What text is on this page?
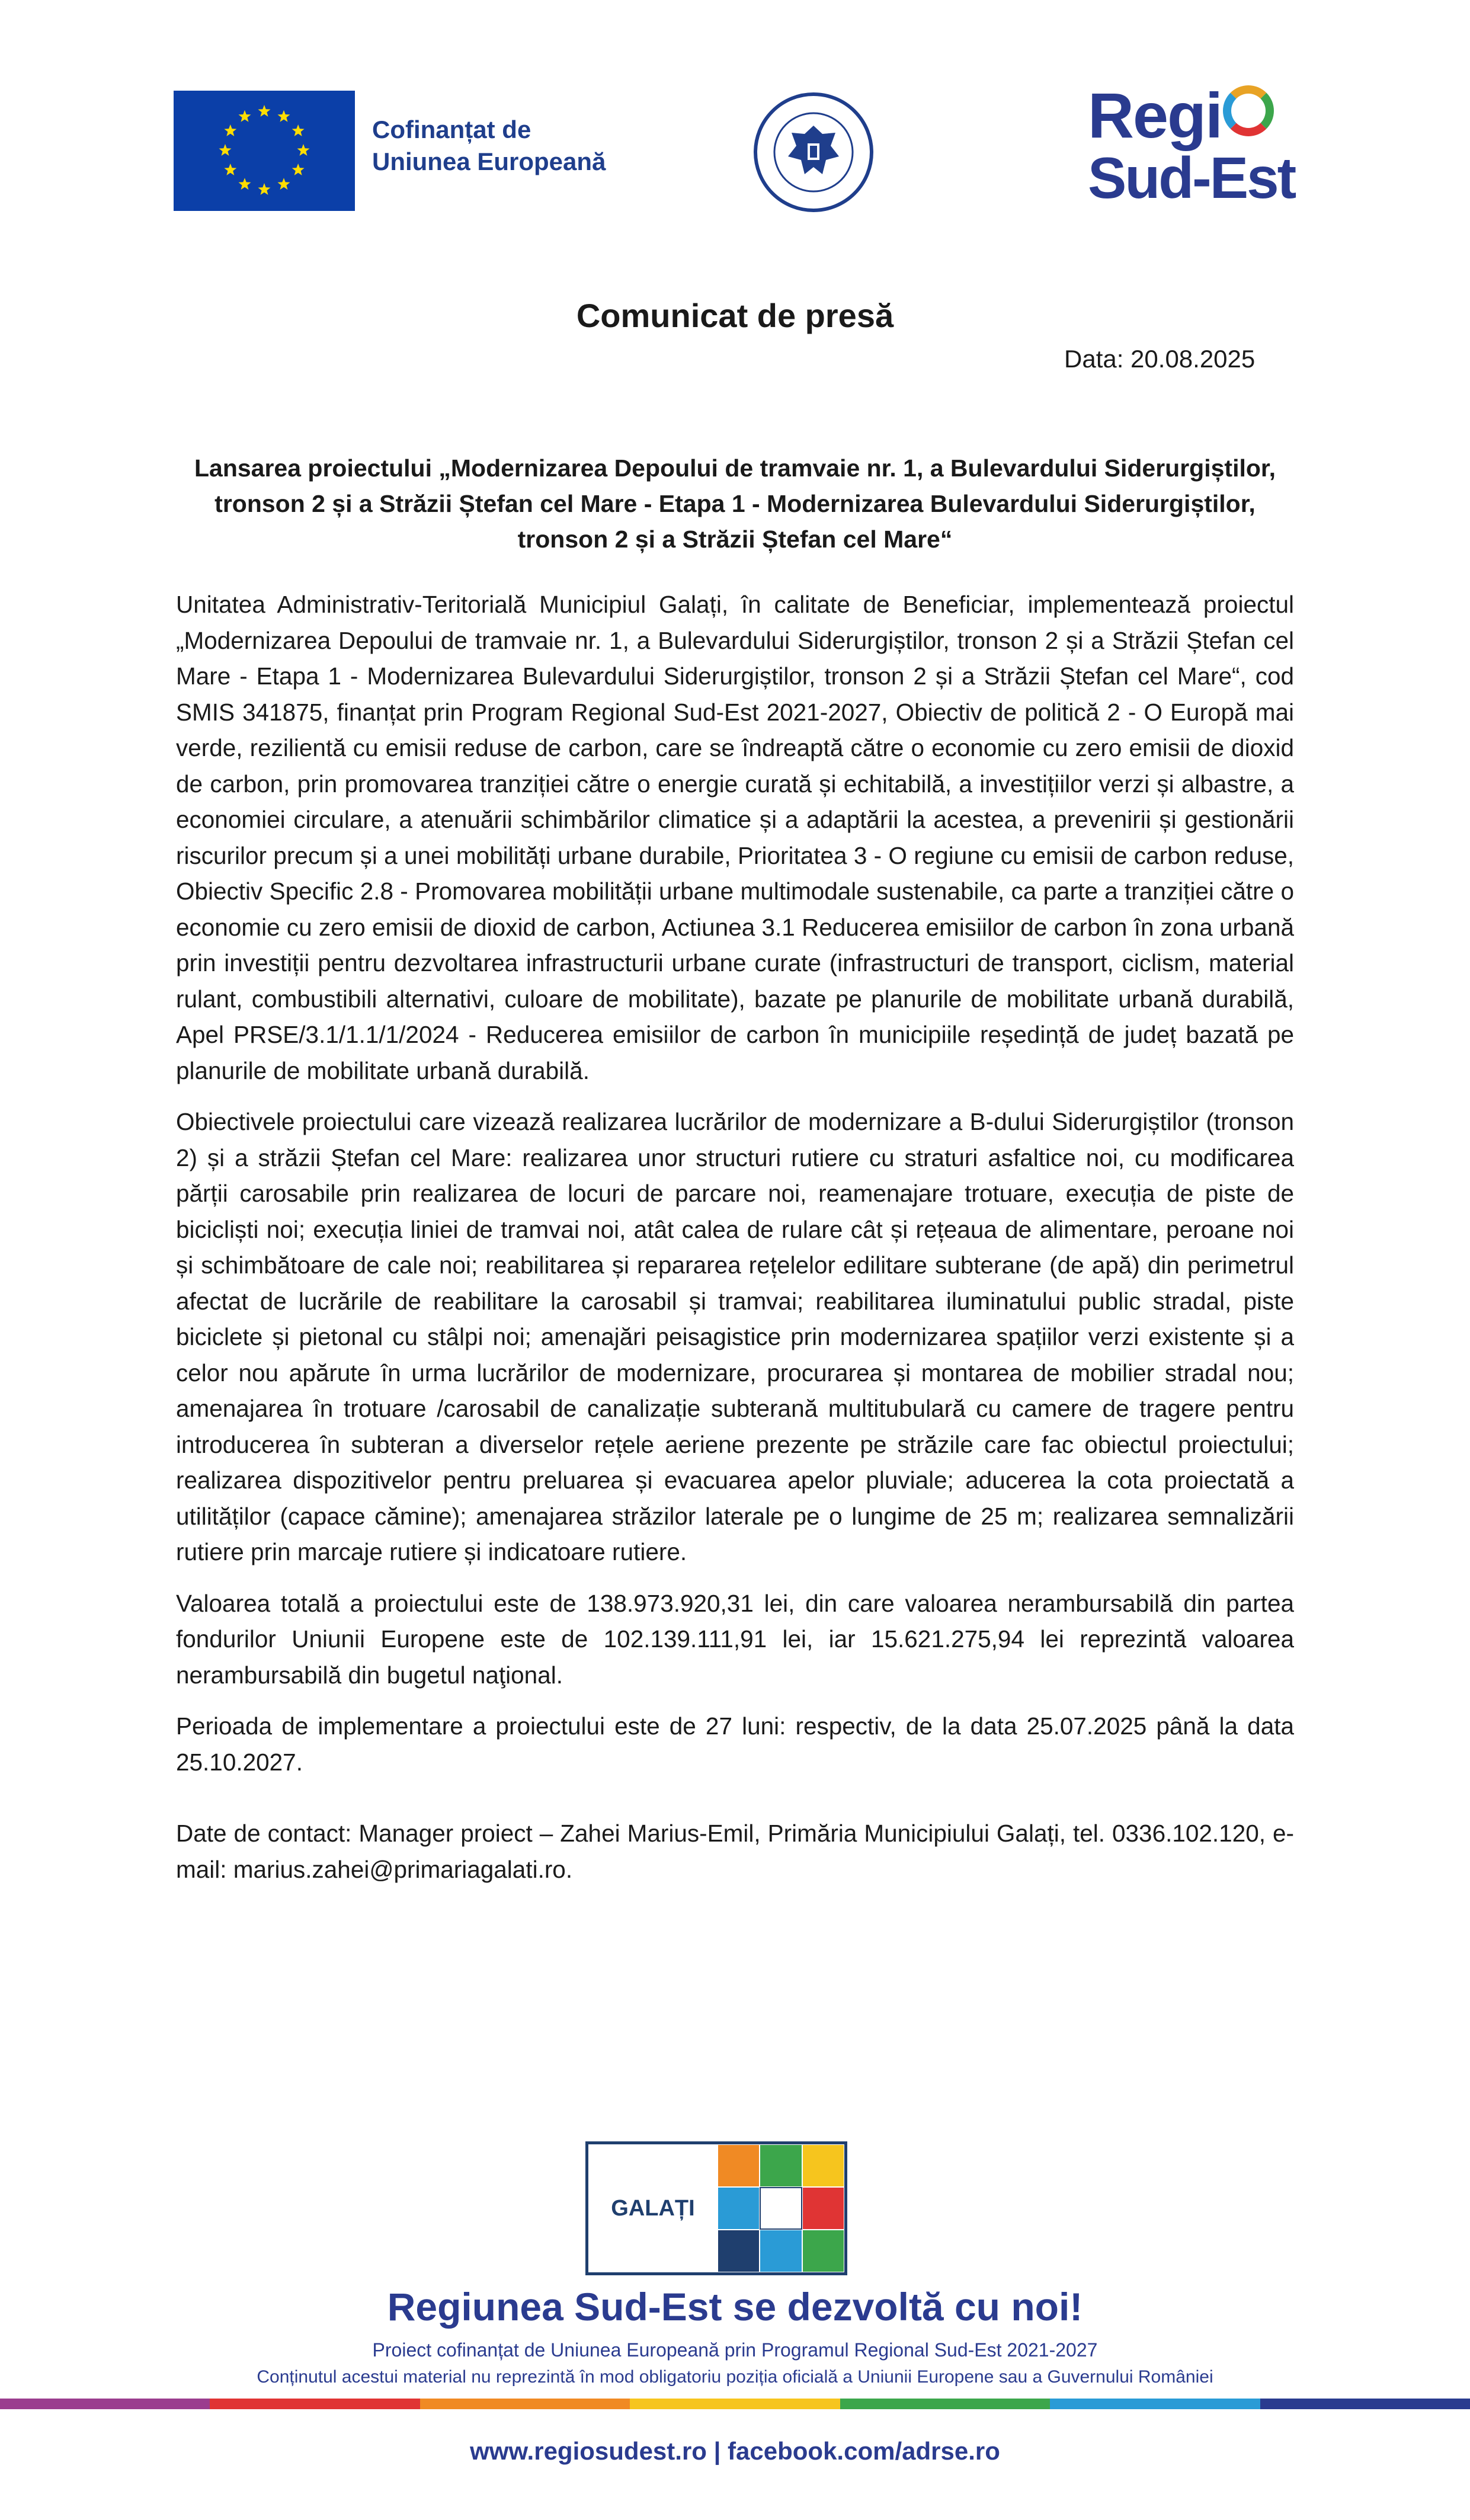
Cofinanțat de
Uniunea Europeană
Regi
Sud-Est
Comunicat de presă
Data: 20.08.2025
Lansarea proiectului „Modernizarea Depoului de tramvaie nr. 1, a Bulevardului Siderurgiștilor, tronson 2 și a Străzii Ștefan cel Mare - Etapa 1 - Modernizarea Bulevardului Siderurgiștilor, tronson 2 și a Străzii Ștefan cel Mare“

Unitatea Administrativ-Teritorială Municipiul Galați, în calitate de Beneficiar, implementează proiectul „Modernizarea Depoului de tramvaie nr. 1, a Bulevardului Siderurgiștilor, tronson 2 și a Străzii Ștefan cel Mare - Etapa 1 - Modernizarea Bulevardului Siderurgiștilor, tronson 2 și a Străzii Ștefan cel Mare“, cod SMIS 341875, finanțat prin Program Regional Sud-Est 2021-2027, Obiectiv de politică 2 - O Europă mai verde, rezilientă cu emisii reduse de carbon, care se îndreaptă către o economie cu zero emisii de dioxid de carbon, prin promovarea tranziției către o energie curată și echitabilă, a investițiilor verzi și albastre, a economiei circulare, a atenuării schimbărilor climatice și a adaptării la acestea, a prevenirii și gestionării riscurilor precum și a unei mobilități urbane durabile, Prioritatea 3 - O regiune cu emisii de carbon reduse, Obiectiv Specific 2.8 - Promovarea mobilității urbane multimodale sustenabile, ca parte a tranziției către o economie cu zero emisii de dioxid de carbon, Actiunea 3.1 Reducerea emisiilor de carbon în zona urbană prin investiții pentru dezvoltarea infrastructurii urbane curate (infrastructuri de transport, ciclism, material rulant, combustibili alternativi, culoare de mobilitate), bazate pe planurile de mobilitate urbană durabilă, Apel PRSE/3.1/1.1/1/2024 - Reducerea emisiilor de carbon în municipiile reședință de județ bazată pe planurile de mobilitate urbană durabilă.

Obiectivele proiectului care vizează realizarea lucrărilor de modernizare a B-dului Siderurgiștilor (tronson 2) și a străzii Ștefan cel Mare: realizarea unor structuri rutiere cu straturi asfaltice noi, cu modificarea părții carosabile prin realizarea de locuri de parcare noi, reamenajare trotuare, execuția de piste de bicicliști noi; execuția liniei de tramvai noi, atât calea de rulare cât și rețeaua de alimentare, peroane noi și schimbătoare de cale noi; reabilitarea și repararea rețelelor edilitare subterane (de apă) din perimetrul afectat de lucrările de reabilitare la carosabil și tramvai; reabilitarea iluminatului public stradal, piste biciclete și pietonal cu stâlpi noi; amenajări peisagistice prin modernizarea spațiilor verzi existente și a celor nou apărute în urma lucrărilor de modernizare, procurarea și montarea de mobilier stradal nou; amenajarea în trotuare /carosabil de canalizație subterană multitubulară cu camere de tragere pentru introducerea în subteran a diverselor rețele aeriene prezente pe străzile care fac obiectul proiectului; realizarea dispozitivelor pentru preluarea și evacuarea apelor pluviale; aducerea la cota proiectată a utilităților (capace cămine); amenajarea străzilor laterale pe o lungime de 25 m; realizarea semnalizării rutiere prin marcaje rutiere și indicatoare rutiere.

Valoarea totală a proiectului este de 138.973.920,31 lei, din care valoarea nerambursabilă din partea fondurilor Uniunii Europene este de 102.139.111,91 lei, iar 15.621.275,94 lei reprezintă valoarea nerambursabilă din bugetul naţional.

Perioada de implementare a proiectului este de 27 luni: respectiv, de la data 25.07.2025 până la data 25.10.2027.

Date de contact: Manager proiect – Zahei Marius-Emil, Primăria Municipiului Galați, tel. 0336.102.120, e-mail: marius.zahei@primariagalati.ro.

GALAȚI
Regiunea Sud-Est se dezvoltă cu noi!
Proiect cofinanțat de Uniunea Europeană prin Programul Regional Sud-Est 2021-2027
Conținutul acestui material nu reprezintă în mod obligatoriu poziția oficială a Uniunii Europene sau a Guvernului României
www.regiosudest.ro | facebook.com/adrse.ro
